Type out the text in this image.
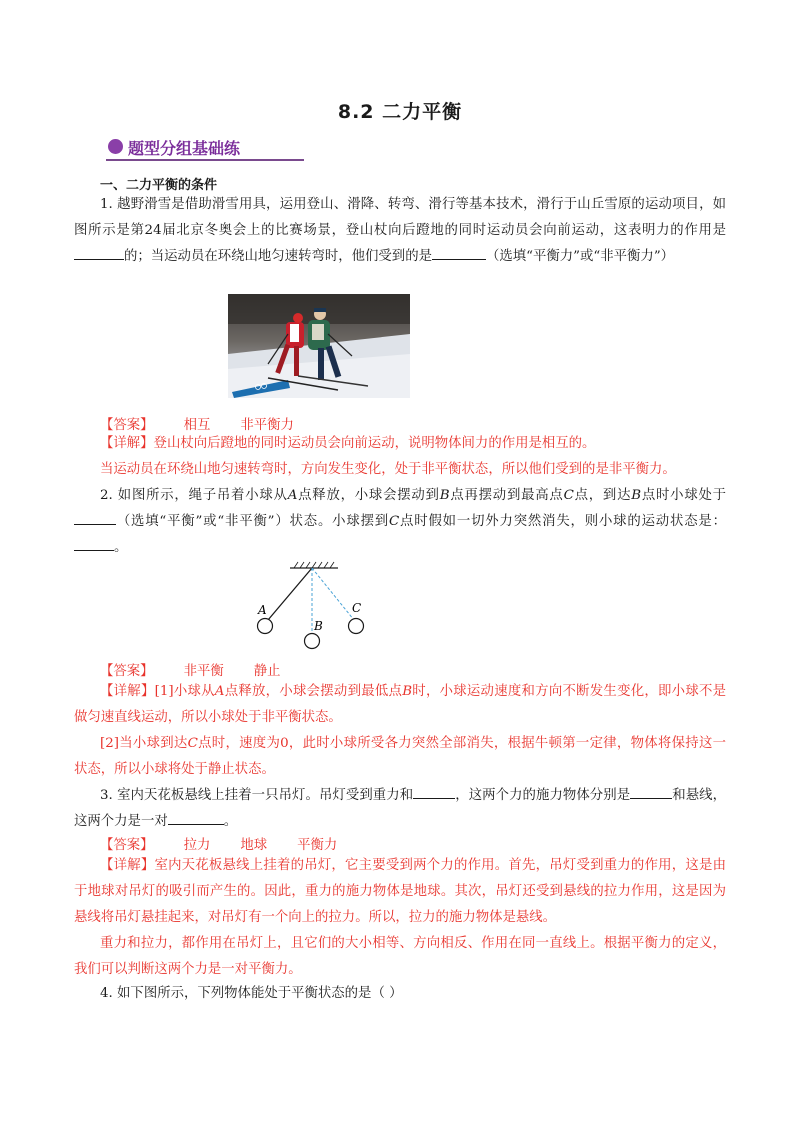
8.2 二力平衡
题型分组基础练
一、二力平衡的条件
1. 越野滑雪是借助滑雪用具，运用登山、滑降、转弯、滑行等基本技术，滑行于山丘雪原的运动项目，如图所示是第24届北京冬奥会上的比赛场景，登山杖向后蹬地的同时运动员会向前运动，这表明力的作用是的；当运动员在环绕山地匀速转弯时，他们受到的是	（选填“平衡力”或“非平衡力”）
【答案】 相互 非平衡力
【详解】登山杖向后蹬地的同时运动员会向前运动，说明物体间力的作用是相互的。
当运动员在环绕山地匀速转弯时，方向发生变化，处于非平衡状态，所以他们受到的是非平衡力。
2. 如图所示，绳子吊着小球从A点释放，小球会摆动到B点再摆动到最高点C点，到达B点时小球处于（选填“平衡”或“非平衡”）状态。小球摆到C点时假如一切外力突然消失，则小球的运动状态是：。
A
B
C
【答案】 非平衡 静止
【详解】[1]小球从A点释放，小球会摆动到最低点B时，小球运动速度和方向不断发生变化，即小球不是做匀速直线运动，所以小球处于非平衡状态。
[2]当小球到达C点时，速度为0，此时小球所受各力突然全部消失，根据牛顿第一定律，物体将保持这一状态，所以小球将处于静止状态。
3. 室内天花板悬线上挂着一只吊灯。吊灯受到重力和	，这两个力的施力物体分别是	和悬线，这两个力是一对	。
【答案】 拉力 地球 平衡力
【详解】室内天花板悬线上挂着的吊灯，它主要受到两个力的作用。首先，吊灯受到重力的作用，这是由于地球对吊灯的吸引而产生的。因此，重力的施力物体是地球。其次，吊灯还受到悬线的拉力作用，这是因为悬线将吊灯悬挂起来，对吊灯有一个向上的拉力。所以，拉力的施力物体是悬线。
重力和拉力，都作用在吊灯上，且它们的大小相等、方向相反、作用在同一直线上。根据平衡力的定义，我们可以判断这两个力是一对平衡力。
4. 如下图所示，下列物体能处于平衡状态的是（ ）
